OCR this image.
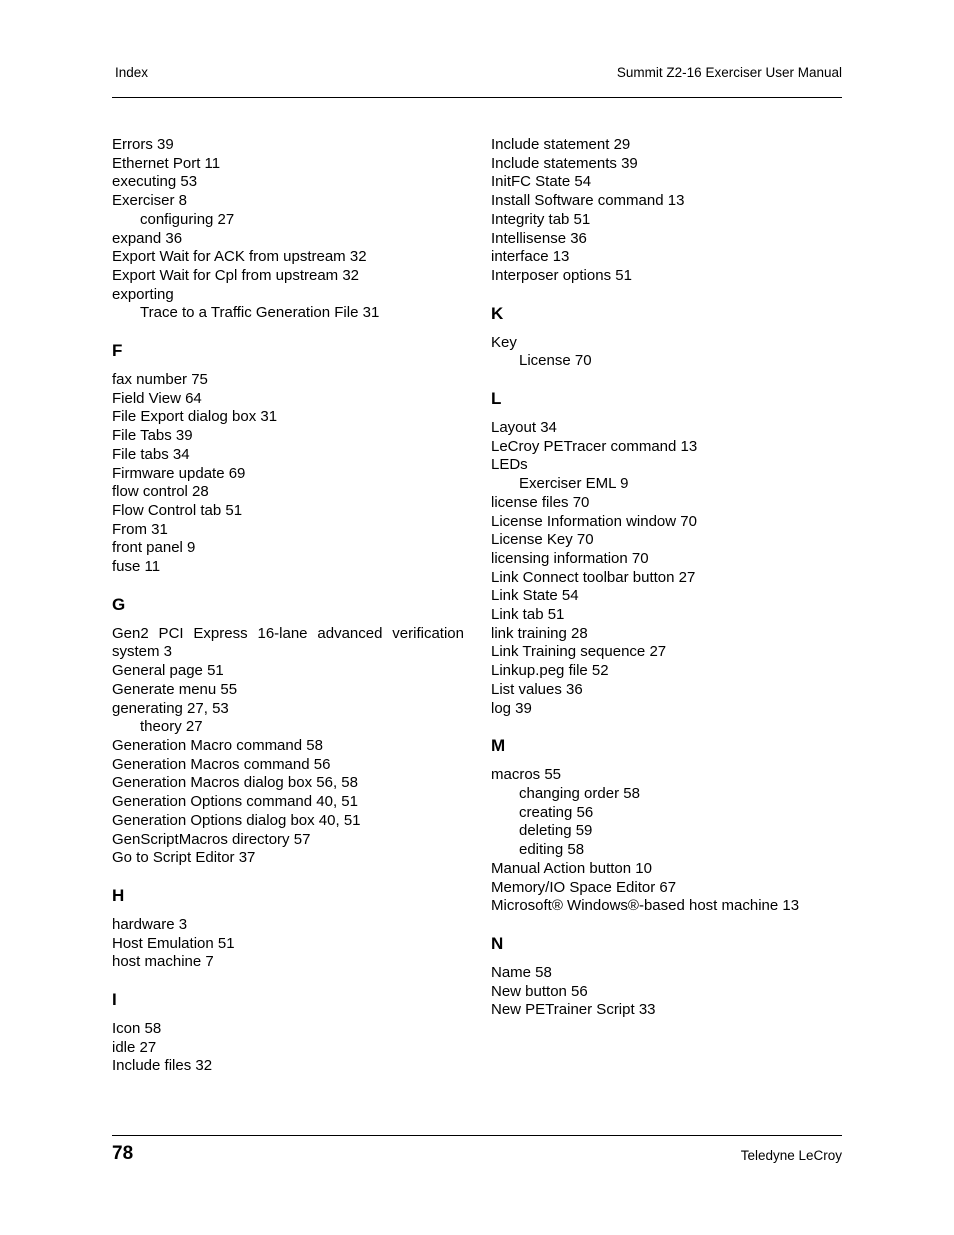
Index	Summit Z2-16 Exerciser User Manual
Errors 39
Ethernet Port 11
executing 53
Exerciser 8
configuring 27
expand 36
Export Wait for ACK from upstream 32
Export Wait for Cpl from upstream 32
exporting
Trace to a Traffic Generation File 31
F
fax number 75
Field View 64
File Export dialog box 31
File Tabs 39
File tabs 34
Firmware update 69
flow control 28
Flow Control tab 51
From 31
front panel 9
fuse 11
G
Gen2 PCI Express 16-lane advanced verification system 3
General page 51
Generate menu 55
generating 27, 53
theory 27
Generation Macro command 58
Generation Macros command 56
Generation Macros dialog box 56, 58
Generation Options command 40, 51
Generation Options dialog box 40, 51
GenScriptMacros directory 57
Go to Script Editor 37
H
hardware 3
Host Emulation 51
host machine 7
I
Icon 58
idle 27
Include files 32
Include statement 29
Include statements 39
InitFC State 54
Install Software command 13
Integrity tab 51
Intellisense 36
interface 13
Interposer options 51
K
Key
License 70
L
Layout 34
LeCroy PETracer command 13
LEDs
Exerciser EML 9
license files 70
License Information window 70
License Key 70
licensing information 70
Link Connect toolbar button 27
Link State 54
Link tab 51
link training 28
Link Training sequence 27
Linkup.peg file 52
List values 36
log 39
M
macros 55
changing order 58
creating 56
deleting 59
editing 58
Manual Action button 10
Memory/IO Space Editor 67
Microsoft® Windows®-based host machine 13
N
Name 58
New button 56
New PETrainer Script 33
78	Teledyne LeCroy
